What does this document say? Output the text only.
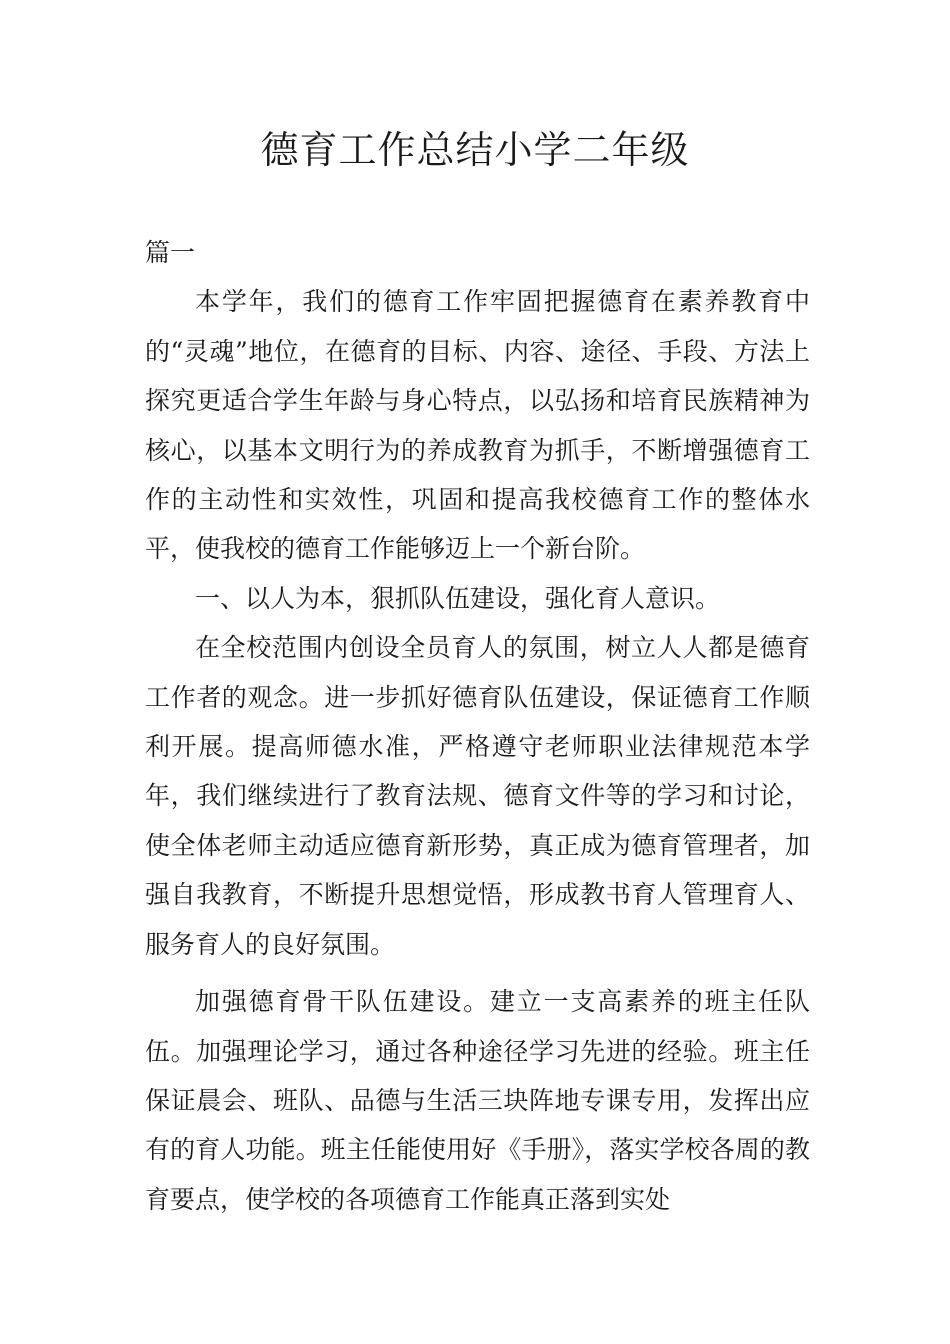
德育工作总结小学二年级

篇一

本学年，我们的德育工作牢固把握德育在素养教育中的“灵魂”地位，在德育的目标、内容、途径、手段、方法上探究更适合学生年龄与身心特点，以弘扬和培育民族精神为核心，以基本文明行为的养成教育为抓手，不断增强德育工作的主动性和实效性，巩固和提高我校德育工作的整体水平，使我校的德育工作能够迈上一个新台阶。

一、以人为本，狠抓队伍建设，强化育人意识。

在全校范围内创设全员育人的氛围，树立人人都是德育工作者的观念。进一步抓好德育队伍建设，保证德育工作顺利开展。提高师德水准，严格遵守老师职业法律规范本学年，我们继续进行了教育法规、德育文件等的学习和讨论，使全体老师主动适应德育新形势，真正成为德育管理者，加强自我教育，不断提升思想觉悟，形成教书育人管理育人、服务育人的良好氛围。

加强德育骨干队伍建设。建立一支高素养的班主任队伍。加强理论学习，通过各种途径学习先进的经验。班主任保证晨会、班队、品德与生活三块阵地专课专用，发挥出应有的育人功能。班主任能使用好《手册》，落实学校各周的教育要点，使学校的各项德育工作能真正落到实处
